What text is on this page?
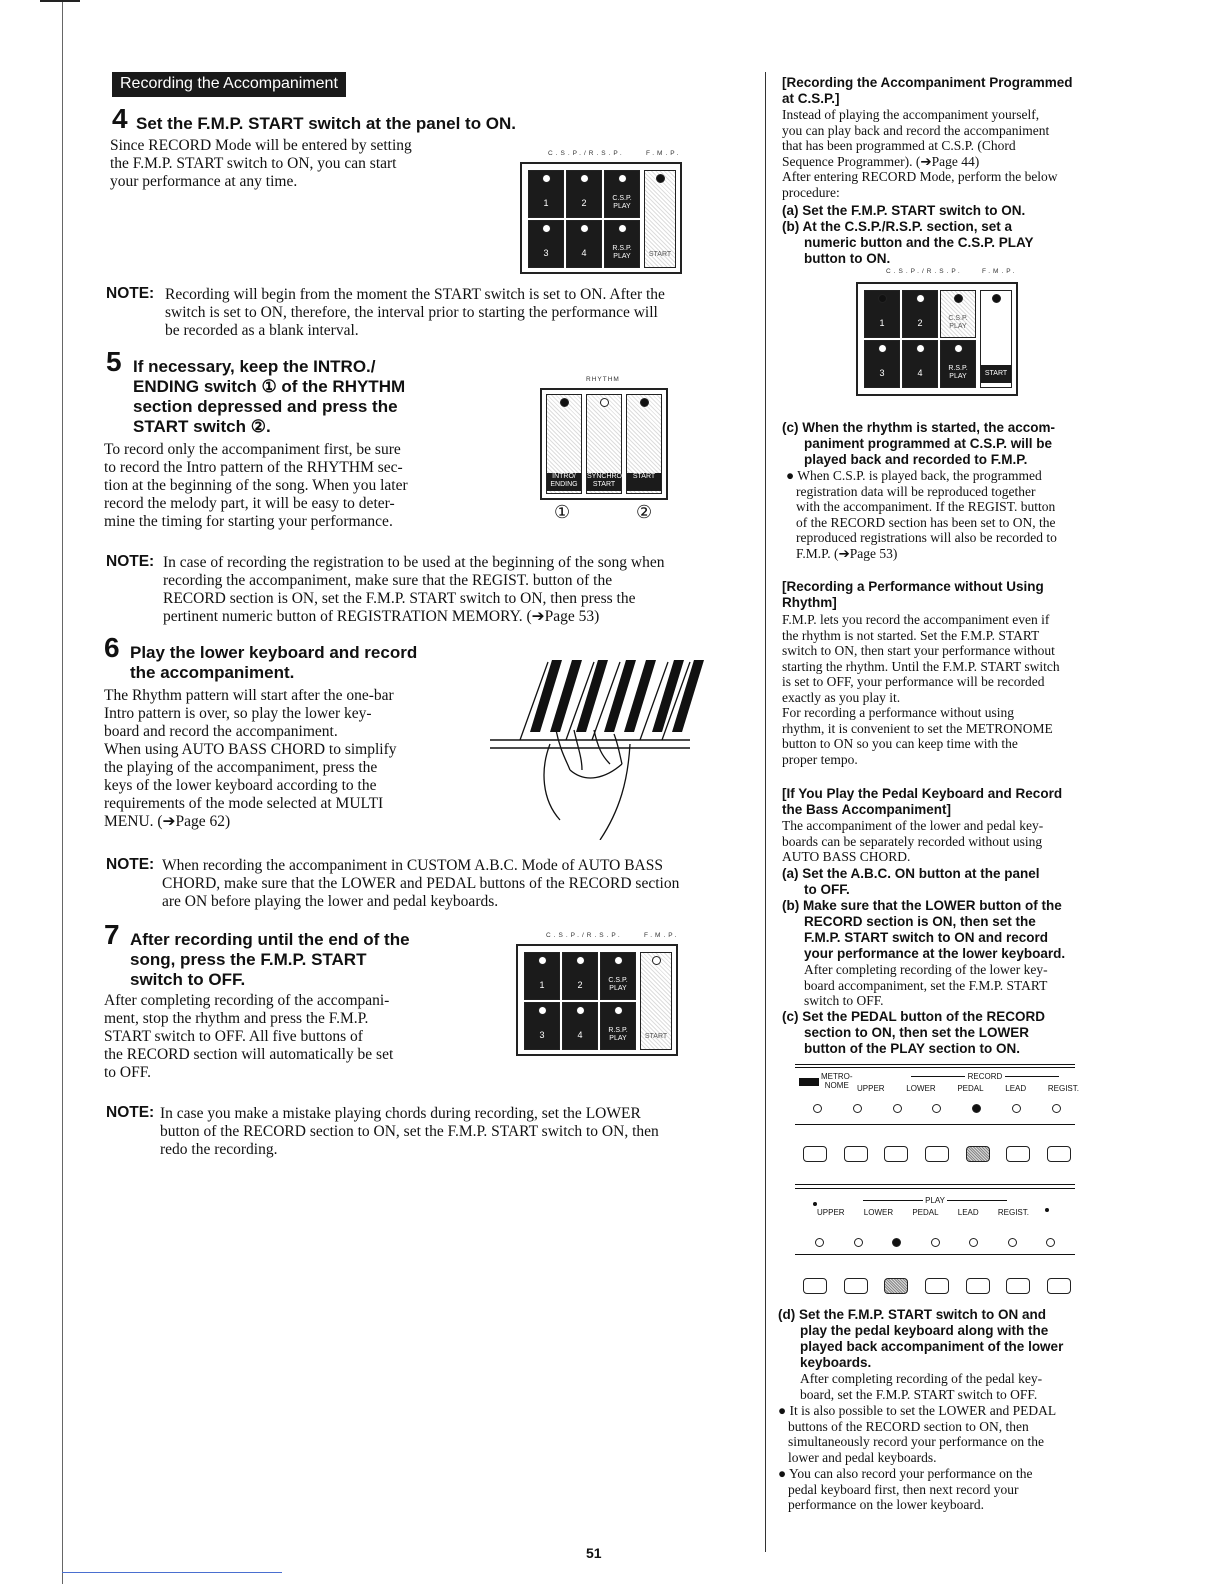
Recording the Accompaniment
4 Set the F.M.P. START switch at the panel to ON.
Since RECORD Mode will be entered by setting
the F.M.P. START switch to ON, you can start
your performance at any time.
C.S.P./R.S.P.	F.M.P.
1	2	C.S.P. PLAY
3	4	R.S.P. PLAY	START
NOTE: Recording will begin from the moment the START switch is set to ON. After the
switch is set to ON, therefore, the interval prior to starting the performance will
be recorded as a blank interval.
5 If necessary, keep the INTRO./
ENDING switch ① of the RHYTHM
section depressed and press the
START switch ②.
To record only the accompaniment first, be sure
to record the Intro pattern of the RHYTHM sec-
tion at the beginning of the song. When you later
record the melody part, it will be easy to deter-
mine the timing for starting your performance.
RHYTHM
INTRO/ ENDING
SYNCHRO START
START
①	②
NOTE: In case of recording the registration to be used at the beginning of the song when
recording the accompaniment, make sure that the REGIST. button of the
RECORD section is ON, set the F.M.P. START switch to ON, then press the
pertinent numeric button of REGISTRATION MEMORY. (➔Page 53)
6 Play the lower keyboard and record
the accompaniment.
The Rhythm pattern will start after the one-bar
Intro pattern is over, so play the lower key-
board and record the accompaniment.
When using AUTO BASS CHORD to simplify
the playing of the accompaniment, press the
keys of the lower keyboard according to the
requirements of the mode selected at MULTI
MENU. (➔Page 62)
NOTE: When recording the accompaniment in CUSTOM A.B.C. Mode of AUTO BASS
CHORD, make sure that the LOWER and PEDAL buttons of the RECORD section
are ON before playing the lower and pedal keyboards.
7 After recording until the end of the
song, press the F.M.P. START
switch to OFF.
After completing recording of the accompani-
ment, stop the rhythm and press the F.M.P.
START switch to OFF. All five buttons of
the RECORD section will automatically be set
to OFF.
C.S.P./R.S.P.	F.M.P.
1	2	C.S.P. PLAY
3	4	R.S.P. PLAY	START
NOTE: In case you make a mistake playing chords during recording, set the LOWER
button of the RECORD section to ON, set the F.M.P. START switch to ON, then
redo the recording.
[Recording the Accompaniment Programmed
at C.S.P.]
Instead of playing the accompaniment yourself,
you can play back and record the accompaniment
that has been programmed at C.S.P. (Chord
Sequence Programmer). (➔Page 44)
After entering RECORD Mode, perform the below
procedure:
(a) Set the F.M.P. START switch to ON.
(b) At the C.S.P./R.S.P. section, set a
numeric button and the C.S.P. PLAY
button to ON.
C.S.P./R.S.P.	F.M.P.
1	2	C.S.P. PLAY
3	4	R.S.P. PLAY	START
(c) When the rhythm is started, the accom-
paniment programmed at C.S.P. will be
played back and recorded to F.M.P.
● When C.S.P. is played back, the programmed
registration data will be reproduced together
with the accompaniment. If the REGIST. button
of the RECORD section has been set to ON, the
reproduced registrations will also be recorded to
F.M.P. (➔Page 53)
[Recording a Performance without Using
Rhythm]
F.M.P. lets you record the accompaniment even if
the rhythm is not started. Set the F.M.P. START
switch to ON, then start your performance without
starting the rhythm. Until the F.M.P. START switch
is set to OFF, your performance will be recorded
exactly as you play it.
For recording a performance without using
rhythm, it is convenient to set the METRONOME
button to ON so you can keep time with the
proper tempo.
[If You Play the Pedal Keyboard and Record
the Bass Accompaniment]
The accompaniment of the lower and pedal key-
boards can be separately recorded without using
AUTO BASS CHORD.
(a) Set the A.B.C. ON button at the panel
to OFF.
(b) Make sure that the LOWER button of the
RECORD section is ON, then set the
F.M.P. START switch to ON and record
your performance at the lower keyboard.
After completing recording of the lower key-
board accompaniment, set the F.M.P. START
switch to OFF.
(c) Set the PEDAL button of the RECORD
section to ON, then set the LOWER
button of the PLAY section to ON.
METRO-
NOME
RECORD
UPPER	LOWER	PEDAL	LEAD	REGIST.
PLAY
UPPER LOWER PEDAL LEAD REGIST.
(d) Set the F.M.P. START switch to ON and
play the pedal keyboard along with the
played back accompaniment of the lower
keyboards.
After completing recording of the pedal key-
board, set the F.M.P. START switch to OFF.
● It is also possible to set the LOWER and PEDAL
buttons of the RECORD section to ON, then
simultaneously record your performance on the
lower and pedal keyboards.
● You can also record your performance on the
pedal keyboard first, then next record your
performance on the lower keyboard.
51
